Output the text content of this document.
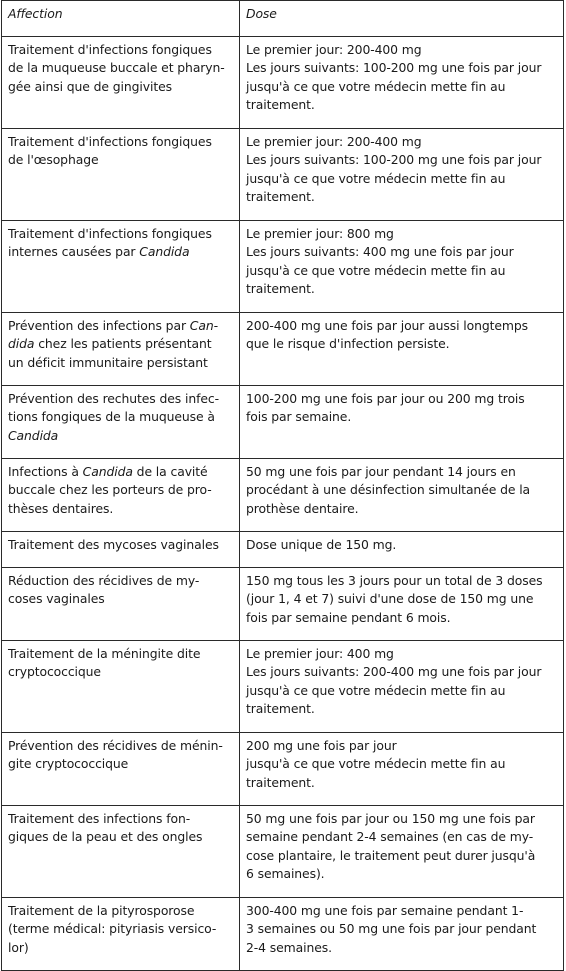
Affection	Dose

Traitement d'infections fongiques
de la muqueuse buccale et pharyn-
gée ainsi que de gingivites	Le premier jour: 200-400 mg
Les jours suivants: 100-200 mg une fois par jour
jusqu'à ce que votre médecin mette fin au
traitement.

Traitement d'infections fongiques
de l'œsophage	Le premier jour: 200-400 mg
Les jours suivants: 100-200 mg une fois par jour
jusqu'à ce que votre médecin mette fin au
traitement.

Traitement d'infections fongiques
internes causées par Candida	Le premier jour: 800 mg
Les jours suivants: 400 mg une fois par jour
jusqu'à ce que votre médecin mette fin au
traitement.

Prévention des infections par Can-
dida chez les patients présentant
un déficit immunitaire persistant	200-400 mg une fois par jour aussi longtemps
que le risque d'infection persiste.

Prévention des rechutes des infec-
tions fongiques de la muqueuse à
Candida	100-200 mg une fois par jour ou 200 mg trois
fois par semaine.

Infections à Candida de la cavité
buccale chez les porteurs de pro-
thèses dentaires.	50 mg une fois par jour pendant 14 jours en
procédant à une désinfection simultanée de la
prothèse dentaire.

Traitement des mycoses vaginales	Dose unique de 150 mg.

Réduction des récidives de my-
coses vaginales	150 mg tous les 3 jours pour un total de 3 doses
(jour 1, 4 et 7) suivi d'une dose de 150 mg une
fois par semaine pendant 6 mois.

Traitement de la méningite dite
cryptococcique	Le premier jour: 400 mg
Les jours suivants: 200-400 mg une fois par jour
jusqu'à ce que votre médecin mette fin au
traitement.

Prévention des récidives de ménin-
gite cryptococcique	200 mg une fois par jour
jusqu'à ce que votre médecin mette fin au
traitement.

Traitement des infections fon-
giques de la peau et des ongles	50 mg une fois par jour ou 150 mg une fois par
semaine pendant 2-4 semaines (en cas de my-
cose plantaire, le traitement peut durer jusqu'à
6 semaines).

Traitement de la pityrosporose
(terme médical: pityriasis versico-
lor)	300-400 mg une fois par semaine pendant 1-
3 semaines ou 50 mg une fois par jour pendant
2-4 semaines.
